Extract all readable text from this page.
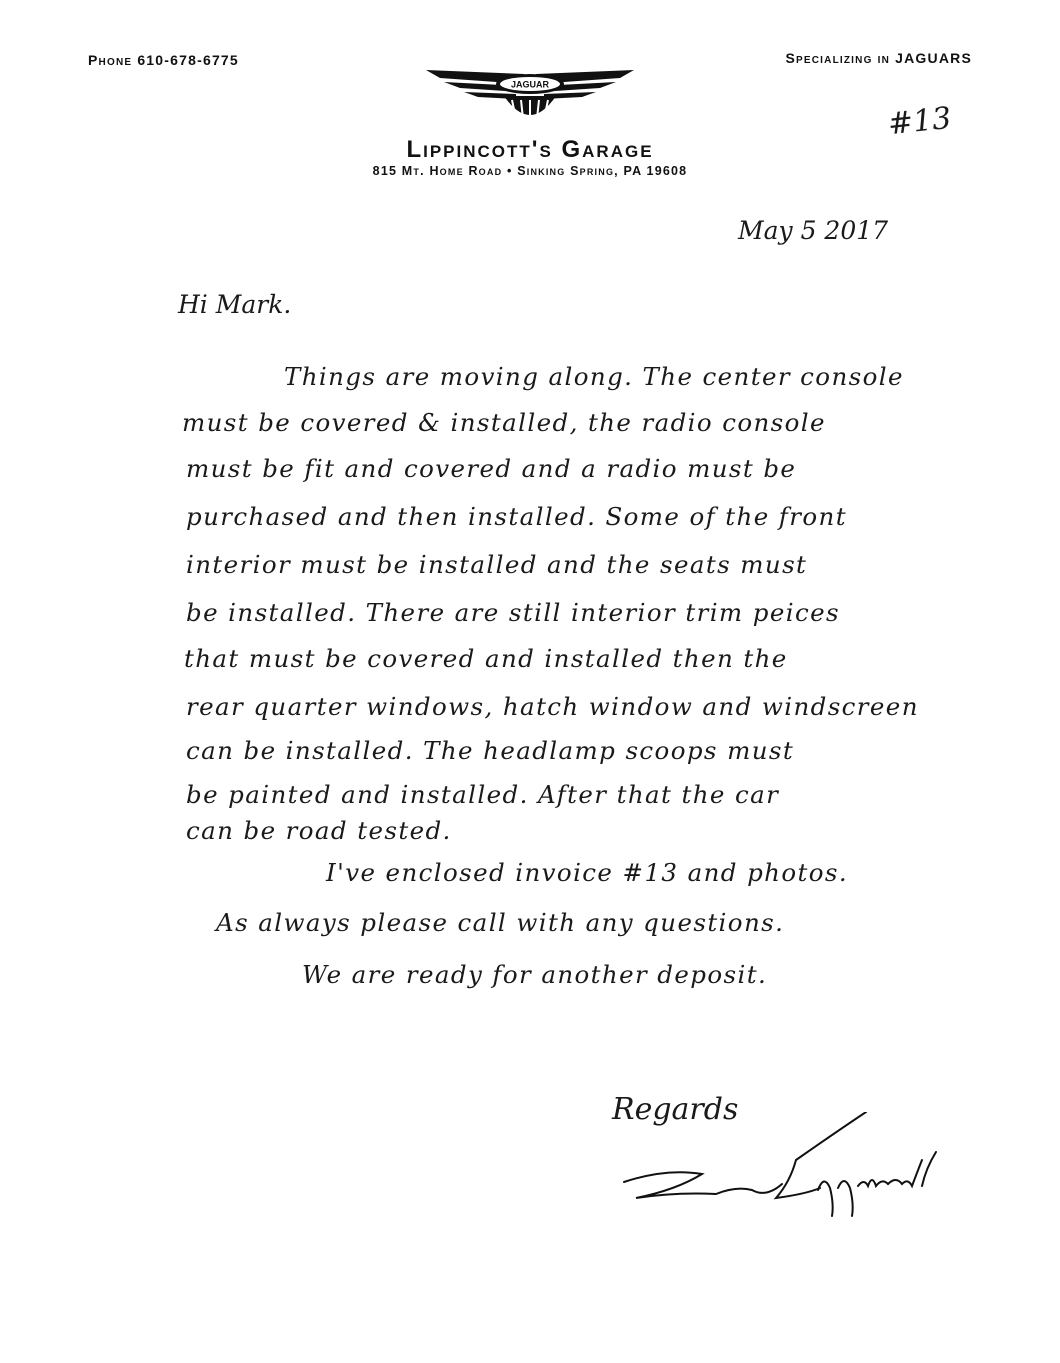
Phone 610-678-6775	Specializing in JAGUARS
JAGUAR
Lippincott's Garage
815 Mt. Home Road • Sinking Spring, PA 19608
#13
May 5 2017
Hi Mark.
Things are moving along. The center console
must be covered & installed, the radio console
must be fit and covered and a radio must be
purchased and then installed. Some of the front
interior must be installed and the seats must
be installed. There are still interior trim peices
that must be covered and installed then the
rear quarter windows, hatch window and windscreen
can be installed. The headlamp scoops must
be painted and installed. After that the car
can be road tested.
I've enclosed invoice #13 and photos.
As always please call with any questions.
We are ready for another deposit.
Regards
